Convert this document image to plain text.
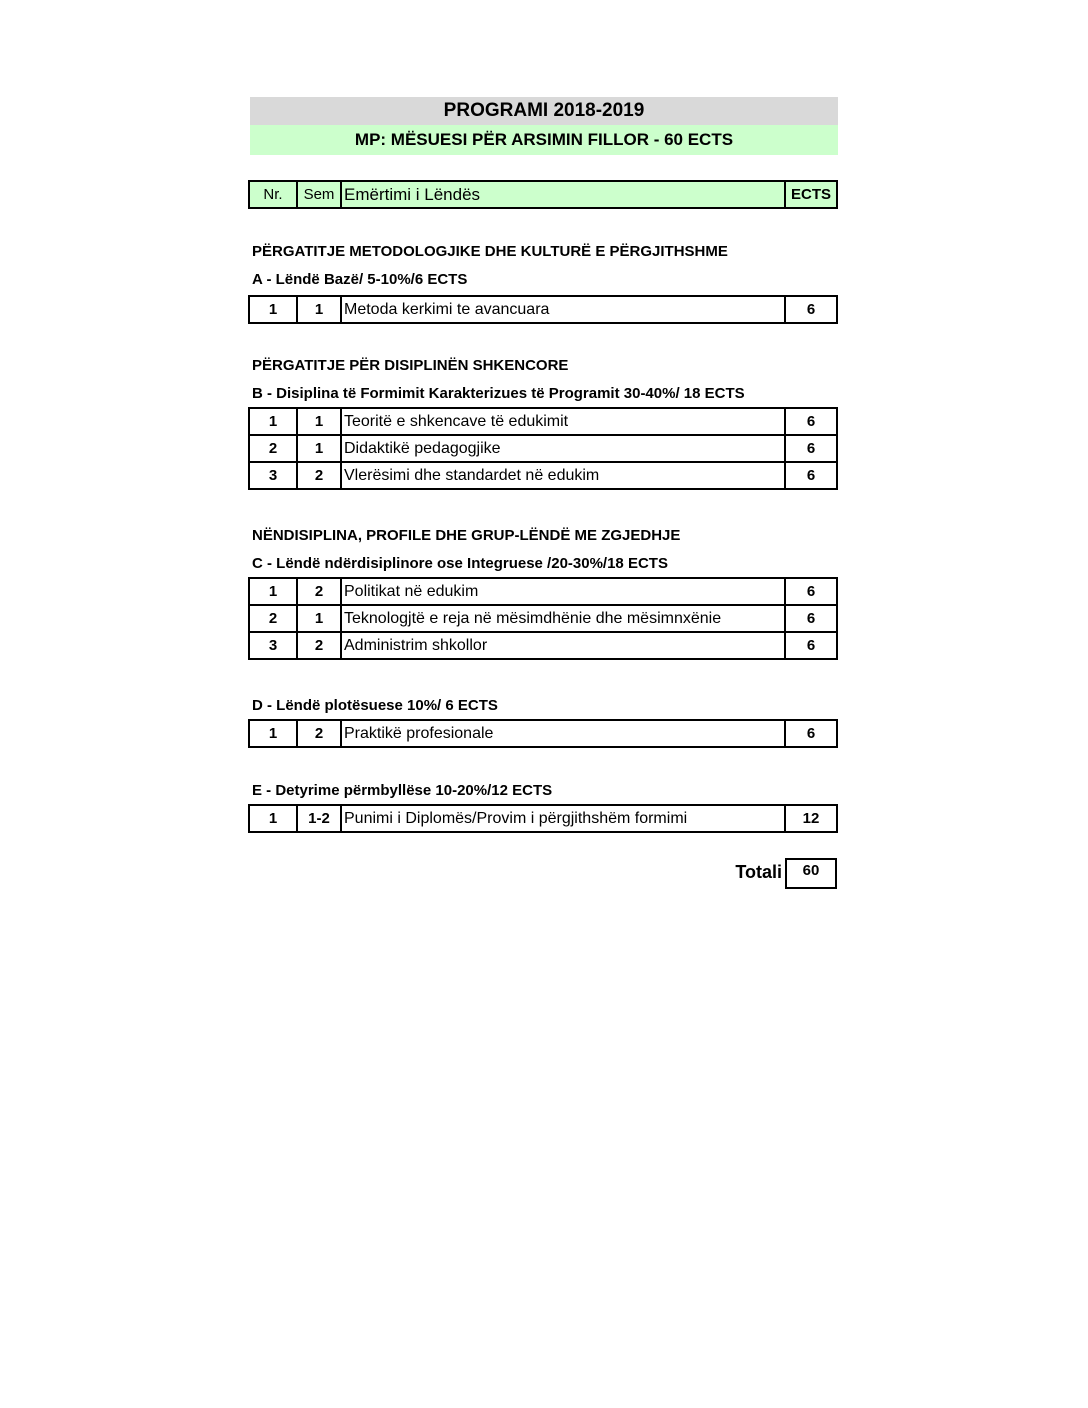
PROGRAMI 2018-2019
MP: MËSUESI PËR ARSIMIN FILLOR - 60 ECTS
Nr.	Sem	Emërtimi i Lëndës	ECTS
PËRGATITJE METODOLOGJIKE DHE KULTURË E PËRGJITHSHME
A - Lëndë Bazë/ 5-10%/6 ECTS
1	1	Metoda kerkimi te avancuara	6
PËRGATITJE PËR DISIPLINËN SHKENCORE
B - Disiplina të Formimit Karakterizues të Programit 30-40%/ 18 ECTS
1	1	Teoritë e shkencave të edukimit	6
2	1	Didaktikë pedagogjike	6
3	2	Vlerësimi dhe standardet në edukim	6
NËNDISIPLINA, PROFILE DHE GRUP-LËNDË ME ZGJEDHJE
C - Lëndë ndërdisiplinore ose Integruese /20-30%/18 ECTS
1	2	Politikat në edukim	6
2	1	Teknologjtë e reja në mësimdhënie dhe mësimnxënie	6
3	2	Administrim shkollor	6
D - Lëndë plotësuese 10%/ 6 ECTS
1	2	Praktikë profesionale	6
E - Detyrime përmbyllëse 10-20%/12 ECTS
1	1-2	Punimi i Diplomës/Provim i përgjithshëm formimi	12
Totali	60
